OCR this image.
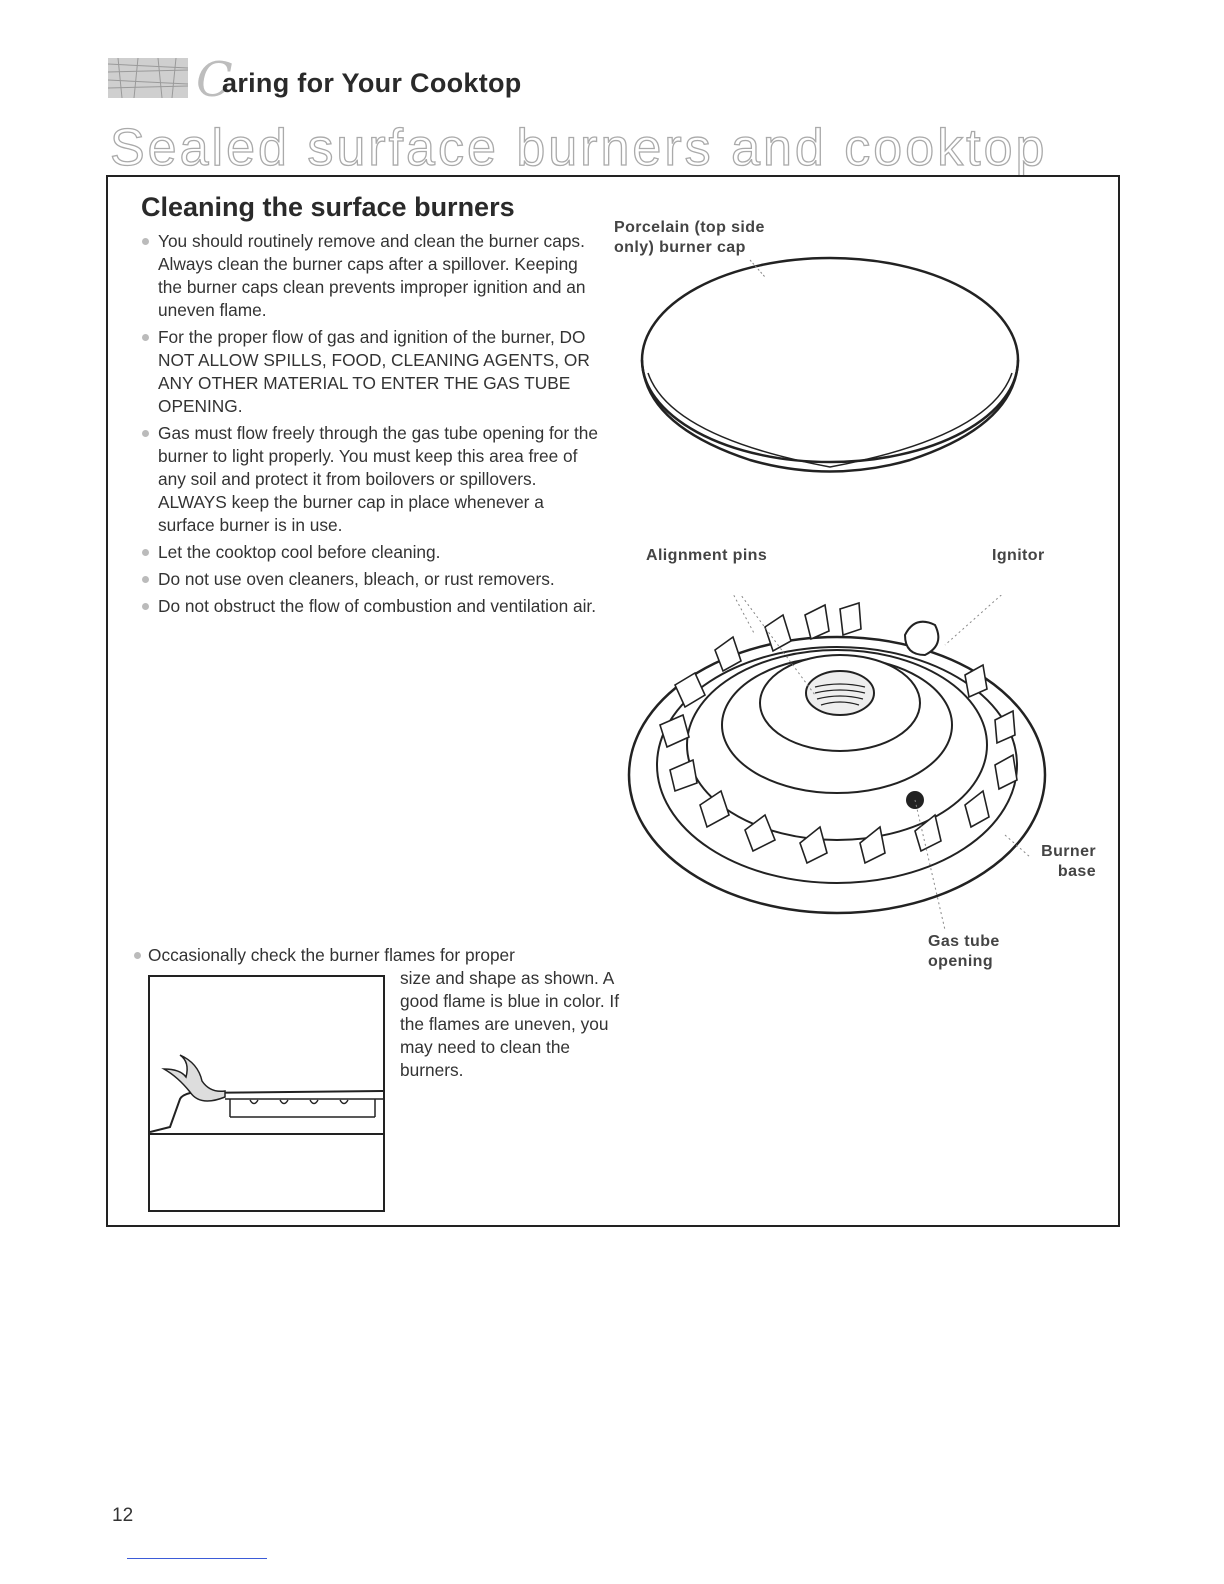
C
aring for Your Cooktop
Sealed surface burners and cooktop
Cleaning the surface burners
You should routinely remove and clean the burner caps. Always clean the burner caps after a spillover. Keeping the burner caps clean prevents improper ignition and an uneven flame.
For the proper flow of gas and ignition of the burner, DO NOT ALLOW SPILLS, FOOD, CLEANING AGENTS, OR ANY OTHER MATERIAL TO ENTER THE GAS TUBE OPENING.
Gas must flow freely through the gas tube opening for the burner to light properly. You must keep this area free of any soil and protect it from boilovers or spillovers. ALWAYS keep the burner cap in place whenever a surface burner is in use.
Let the cooktop cool before cleaning.
Do not use oven cleaners, bleach, or rust removers.
Do not obstruct the flow of combustion and ventilation air.
Porcelain (top side only) burner cap
Alignment pins	Ignitor
Burner base
Gas tube opening
Occasionally check the burner flames for proper
size and shape as shown. A good flame is blue in color. If the flames are uneven, you may need to clean the burners.
12
